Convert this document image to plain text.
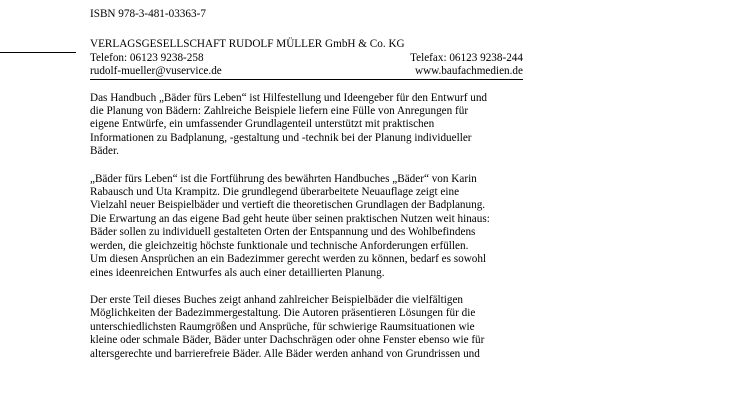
ISBN 978-3-481-03363-7

VERLAGSGESELLSCHAFT RUDOLF MÜLLER GmbH & Co. KG

Telefon: 06123 9238-258	Telefax: 06123 9238-244
rudolf-mueller@vuservice.de	www.baufachmedien.de
Das Handbuch „Bäder fürs Leben“ ist Hilfestellung und Ideengeber für den Entwurf und
die Planung von Bädern: Zahlreiche Beispiele liefern eine Fülle von Anregungen für
eigene Entwürfe, ein umfassender Grundlagenteil unterstützt mit praktischen
Informationen zu Badplanung, -gestaltung und -technik bei der Planung individueller
Bäder.
„Bäder fürs Leben“ ist die Fortführung des bewährten Handbuches „Bäder“ von Karin
Rabausch und Uta Krampitz. Die grundlegend überarbeitete Neuauflage zeigt eine
Vielzahl neuer Beispielbäder und vertieft die theoretischen Grundlagen der Badplanung.
Die Erwartung an das eigene Bad geht heute über seinen praktischen Nutzen weit hinaus:
Bäder sollen zu individuell gestalteten Orten der Entspannung und des Wohlbefindens
werden, die gleichzeitig höchste funktionale und technische Anforderungen erfüllen.
Um diesen Ansprüchen an ein Badezimmer gerecht werden zu können, bedarf es sowohl
eines ideenreichen Entwurfes als auch einer detaillierten Planung.
Der erste Teil dieses Buches zeigt anhand zahlreicher Beispielbäder die vielfältigen
Möglichkeiten der Badezimmergestaltung. Die Autoren präsentieren Lösungen für die
unterschiedlichsten Raumgrößen und Ansprüche, für schwierige Raumsituationen wie
kleine oder schmale Bäder, Bäder unter Dachschrägen oder ohne Fenster ebenso wie für
altersgerechte und barrierefreie Bäder. Alle Bäder werden anhand von Grundrissen und
